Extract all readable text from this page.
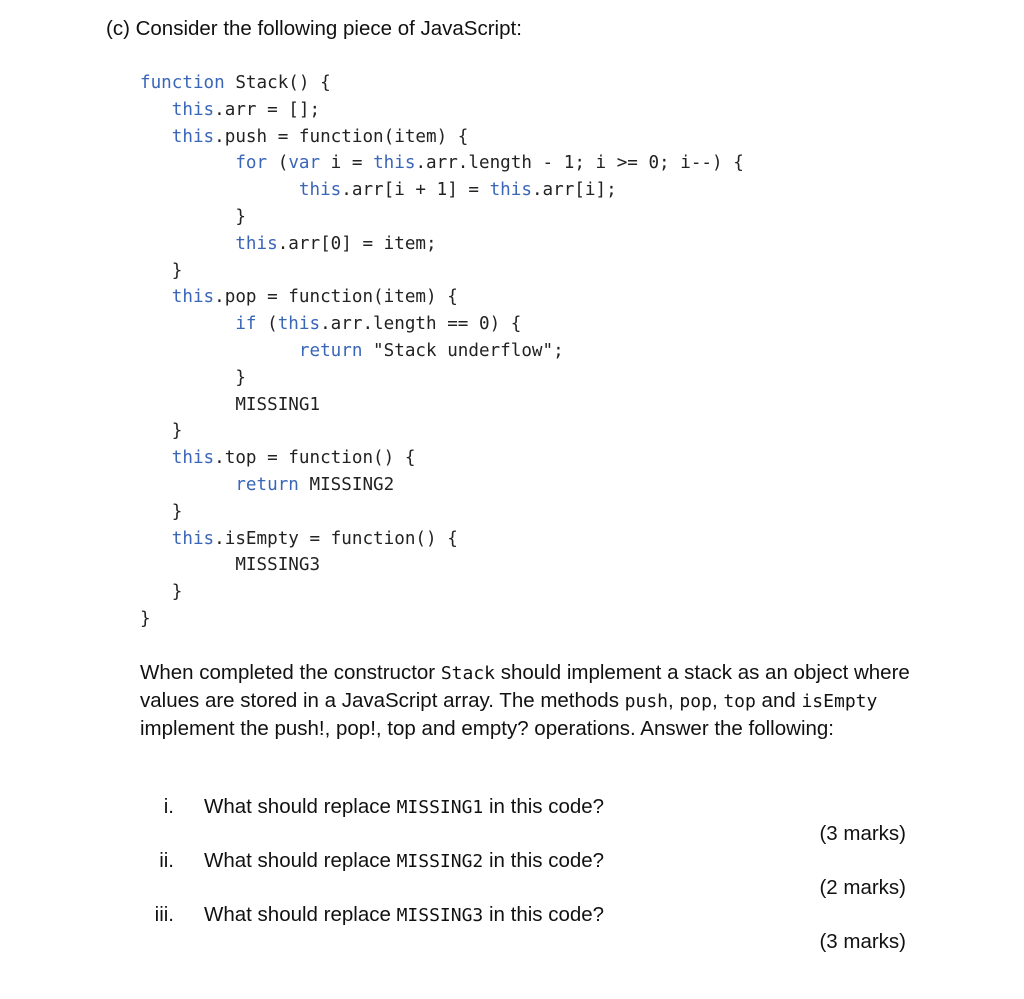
(c) Consider the following piece of JavaScript:
function Stack() {
this.arr = [];
this.push = function(item) {
for (var i = this.arr.length - 1; i >= 0; i--) {
this.arr[i + 1] = this.arr[i];
}
this.arr[0] = item;
}
this.pop = function(item) {
if (this.arr.length == 0) {
return "Stack underflow";
}
MISSING1
}
this.top = function() {
return MISSING2
}
this.isEmpty = function() {
MISSING3
}
}

When completed the constructor Stack should implement a stack as an object where values are stored in a JavaScript array. The methods push, pop, top and isEmpty implement the push!, pop!, top and empty? operations. Answer the following:

i. What should replace MISSING1 in this code?
(3 marks)
ii. What should replace MISSING2 in this code?
(2 marks)
iii. What should replace MISSING3 in this code?
(3 marks)
